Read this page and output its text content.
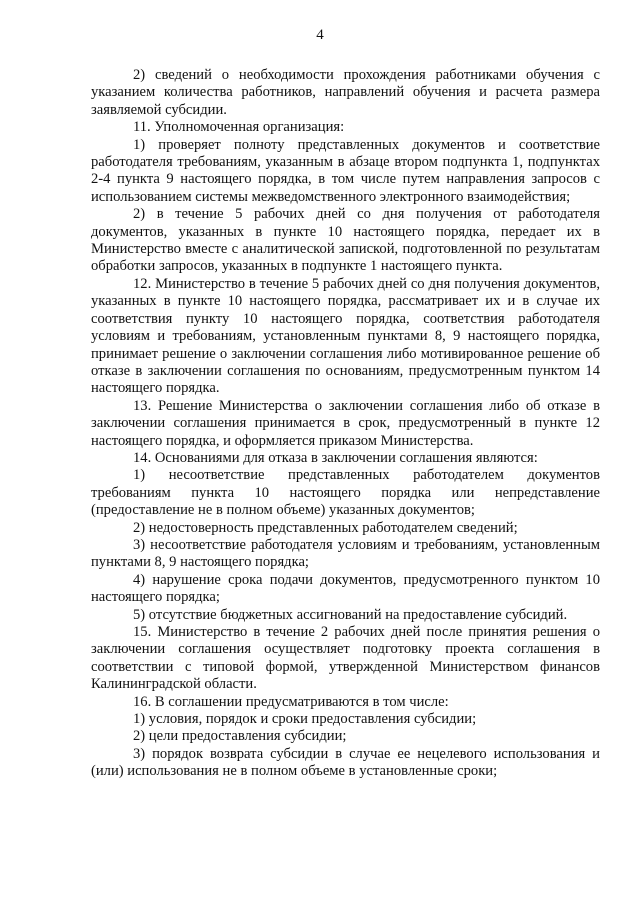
4

2) сведений о необходимости прохождения работниками обучения с указанием количества работников, направлений обучения и расчета размера заявляемой субсидии.

11. Уполномоченная организация:

1) проверяет полноту представленных документов и соответствие работодателя требованиям, указанным в абзаце втором подпункта 1, подпунктах 2-4 пункта 9 настоящего порядка, в том числе путем направления запросов с использованием системы межведомственного электронного взаимодействия;

2) в течение 5 рабочих дней со дня получения от работодателя документов, указанных в пункте 10 настоящего порядка, передает их в Министерство вместе с аналитической запиской, подготовленной по результатам обработки запросов, указанных в подпункте 1 настоящего пункта.

12. Министерство в течение 5 рабочих дней со дня получения документов, указанных в пункте 10 настоящего порядка, рассматривает их и в случае их соответствия пункту 10 настоящего порядка, соответствия работодателя условиям и требованиям, установленным пунктами 8, 9 настоящего порядка, принимает решение о заключении соглашения либо мотивированное решение об отказе в заключении соглашения по основаниям, предусмотренным пунктом 14 настоящего порядка.

13. Решение Министерства о заключении соглашения либо об отказе в заключении соглашения принимается в срок, предусмотренный в пункте 12 настоящего порядка, и оформляется приказом Министерства.

14. Основаниями для отказа в заключении соглашения являются:

1) несоответствие представленных работодателем документов требованиям пункта 10 настоящего порядка или непредставление (предоставление не в полном объеме) указанных документов;

2) недостоверность представленных работодателем сведений;

3) несоответствие работодателя условиям и требованиям, установленным пунктами 8, 9 настоящего порядка;

4) нарушение срока подачи документов, предусмотренного пунктом 10 настоящего порядка;

5) отсутствие бюджетных ассигнований на предоставление субсидий.

15. Министерство в течение 2 рабочих дней после принятия решения о заключении соглашения осуществляет подготовку проекта соглашения в соответствии с типовой формой, утвержденной Министерством финансов Калининградской области.

16. В соглашении предусматриваются в том числе:

1) условия, порядок и сроки предоставления субсидии;

2) цели предоставления субсидии;

3) порядок возврата субсидии в случае ее нецелевого использования и (или) использования не в полном объеме в установленные сроки;
